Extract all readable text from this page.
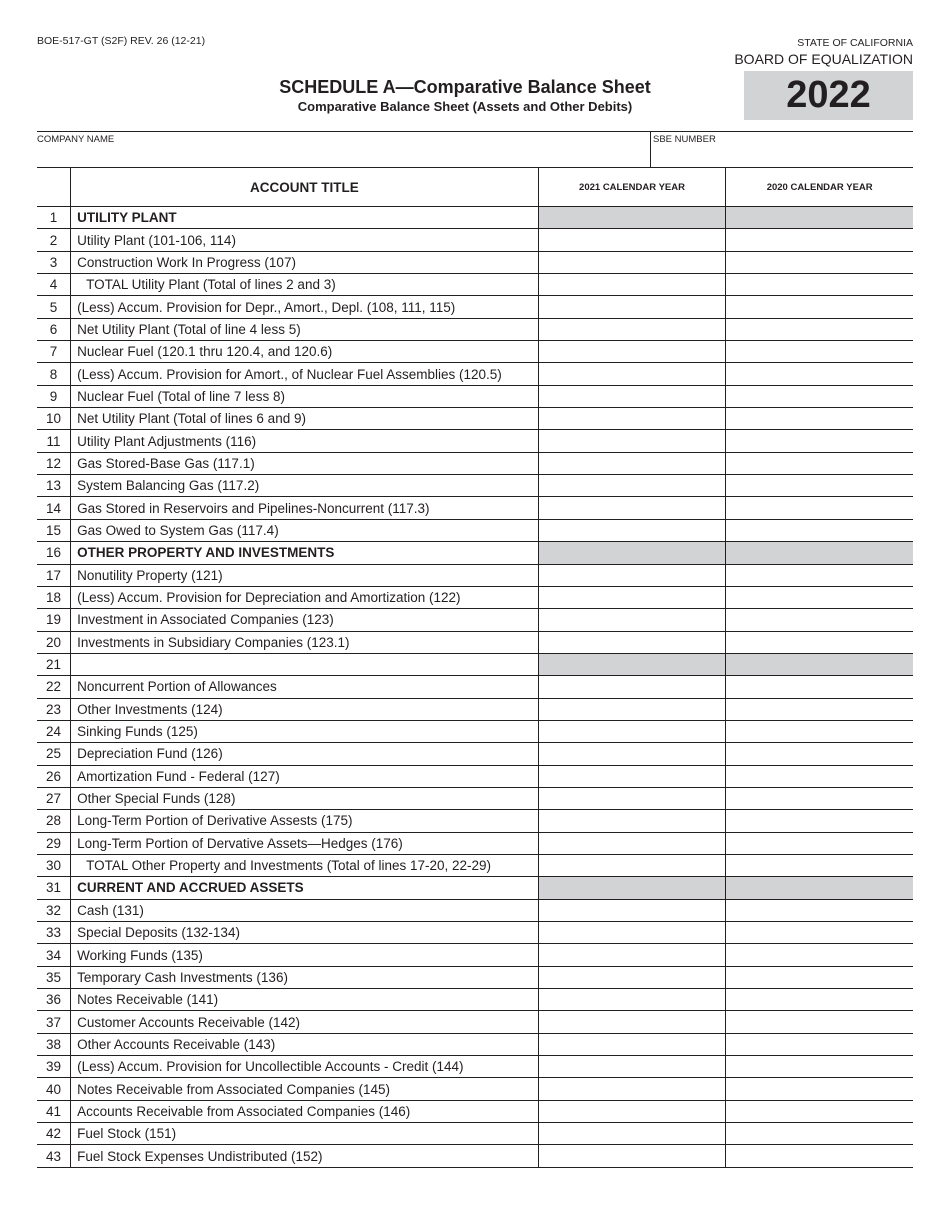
BOE-517-GT (S2F) REV. 26 (12-21)	STATE OF CALIFORNIA
BOARD OF EQUALIZATION
SCHEDULE A—Comparative Balance Sheet
Comparative Balance Sheet (Assets and Other Debits)	2022
COMPANY NAME	SBE NUMBER
	ACCOUNT TITLE	2021 CALENDAR YEAR	2020 CALENDAR YEAR
1	UTILITY PLANT		
2	Utility Plant (101-106, 114)		
3	Construction Work In Progress (107)		
4	TOTAL Utility Plant (Total of lines 2 and 3)		
5	(Less) Accum. Provision for Depr., Amort., Depl. (108, 111, 115)		
6	Net Utility Plant (Total of line 4 less 5)		
7	Nuclear Fuel (120.1 thru 120.4, and 120.6)		
8	(Less) Accum. Provision for Amort., of Nuclear Fuel Assemblies (120.5)		
9	Nuclear Fuel (Total of line 7 less 8)		
10	Net Utility Plant (Total of lines 6 and 9)		
11	Utility Plant Adjustments (116)		
12	Gas Stored-Base Gas (117.1)		
13	System Balancing Gas (117.2)		
14	Gas Stored in Reservoirs and Pipelines-Noncurrent (117.3)		
15	Gas Owed to System Gas (117.4)		
16	OTHER PROPERTY AND INVESTMENTS		
17	Nonutility Property (121)		
18	(Less) Accum. Provision for Depreciation and Amortization (122)		
19	Investment in Associated Companies (123)		
20	Investments in Subsidiary Companies (123.1)		
21			
22	Noncurrent Portion of Allowances		
23	Other Investments (124)		
24	Sinking Funds (125)		
25	Depreciation Fund (126)		
26	Amortization Fund - Federal (127)		
27	Other Special Funds (128)		
28	Long-Term Portion of Derivative Assests (175)		
29	Long-Term Portion of Dervative Assets—Hedges (176)		
30	TOTAL Other Property and Investments (Total of lines 17-20, 22-29)		
31	CURRENT AND ACCRUED ASSETS		
32	Cash (131)		
33	Special Deposits (132-134)		
34	Working Funds (135)		
35	Temporary Cash Investments (136)		
36	Notes Receivable (141)		
37	Customer Accounts Receivable (142)		
38	Other Accounts Receivable (143)		
39	(Less) Accum. Provision for Uncollectible Accounts - Credit (144)		
40	Notes Receivable from Associated Companies (145)		
41	Accounts Receivable from Associated Companies (146)		
42	Fuel Stock (151)		
43	Fuel Stock Expenses Undistributed (152)		
